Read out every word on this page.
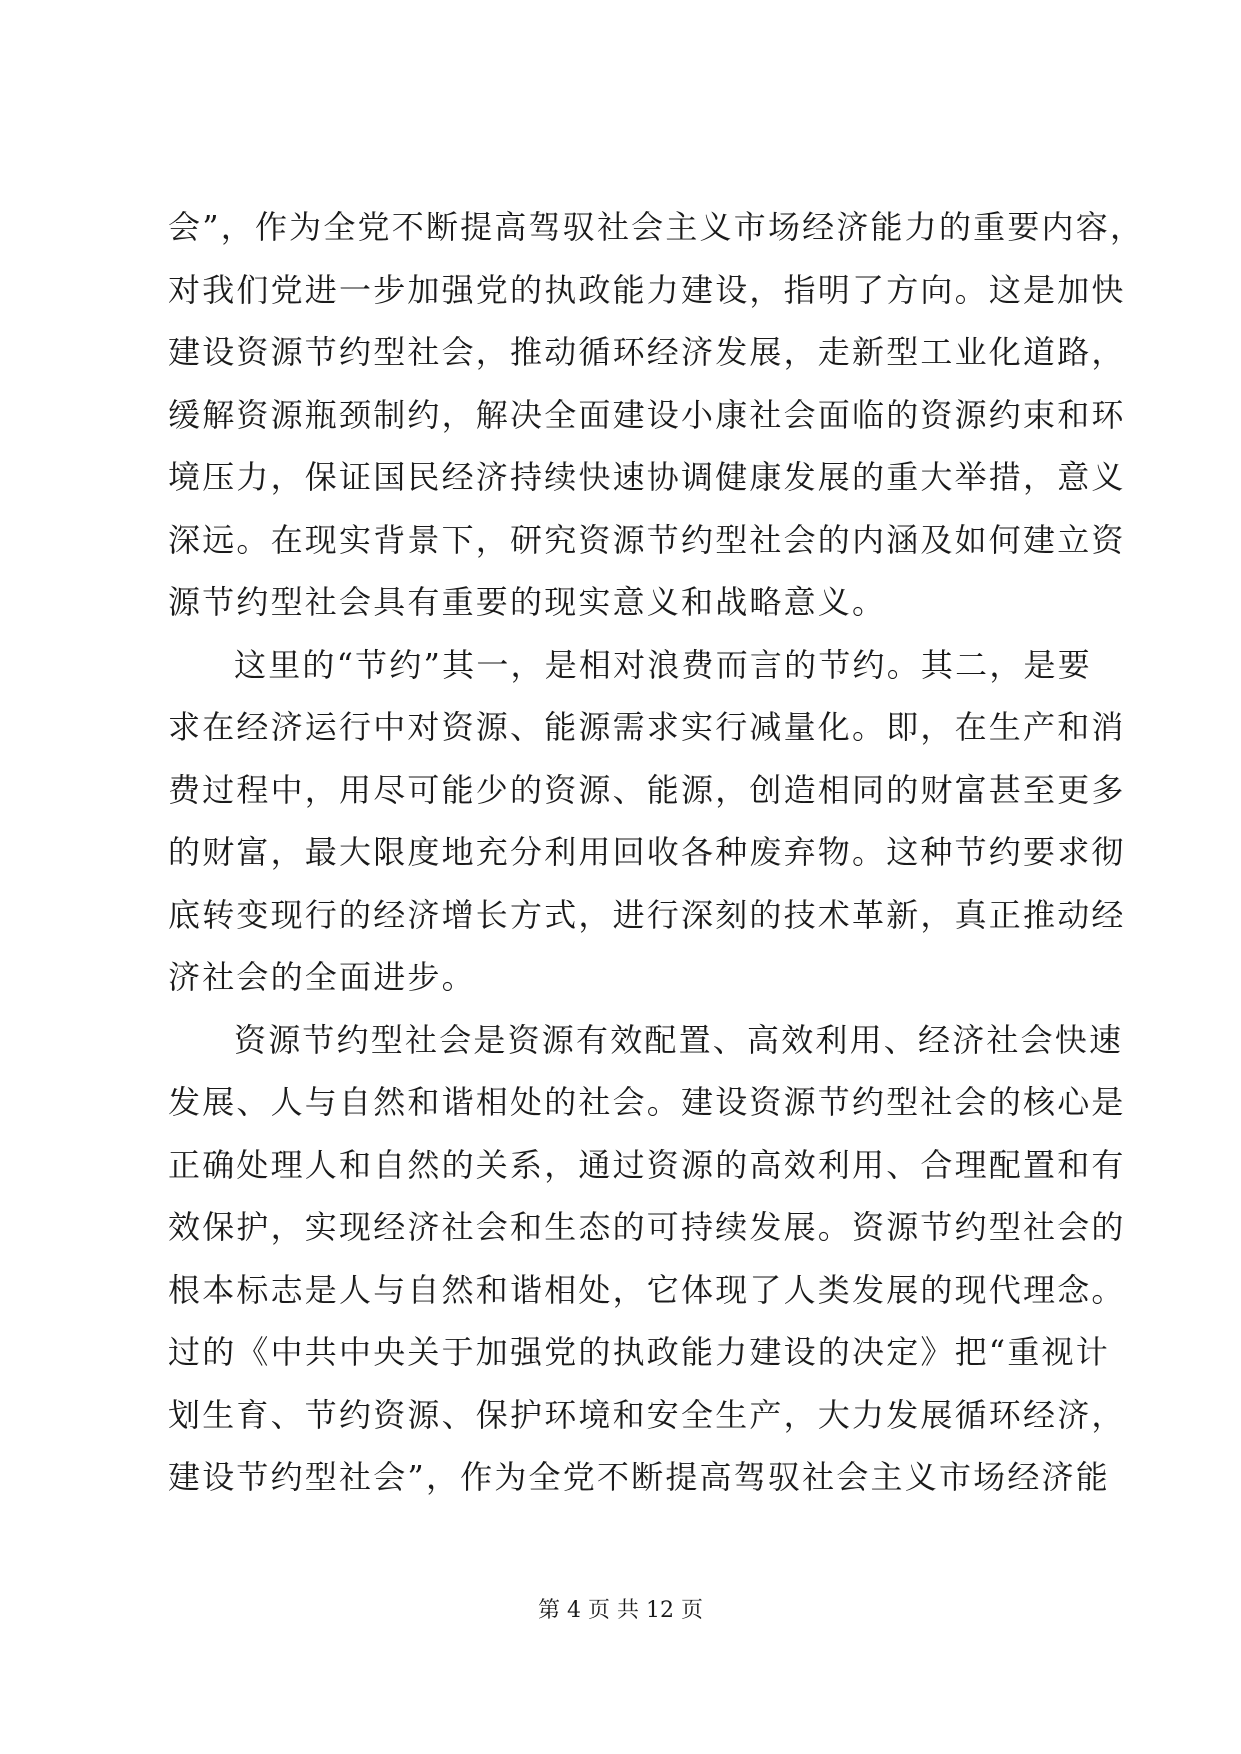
会”，作为全党不断提高驾驭社会主义市场经济能力的重要内容，
对我们党进一步加强党的执政能力建设，指明了方向。这是加快
建设资源节约型社会，推动循环经济发展，走新型工业化道路，
缓解资源瓶颈制约，解决全面建设小康社会面临的资源约束和环
境压力，保证国民经济持续快速协调健康发展的重大举措，意义
深远。在现实背景下，研究资源节约型社会的内涵及如何建立资
源节约型社会具有重要的现实意义和战略意义。
这里的“节约”其一，是相对浪费而言的节约。其二，是要
求在经济运行中对资源、能源需求实行减量化。即，在生产和消
费过程中，用尽可能少的资源、能源，创造相同的财富甚至更多
的财富，最大限度地充分利用回收各种废弃物。这种节约要求彻
底转变现行的经济增长方式，进行深刻的技术革新，真正推动经
济社会的全面进步。
资源节约型社会是资源有效配置、高效利用、经济社会快速
发展、人与自然和谐相处的社会。建设资源节约型社会的核心是
正确处理人和自然的关系，通过资源的高效利用、合理配置和有
效保护，实现经济社会和生态的可持续发展。资源节约型社会的
根本标志是人与自然和谐相处，它体现了人类发展的现代理念。
过的《中共中央关于加强党的执政能力建设的决定》把“重视计
划生育、节约资源、保护环境和安全生产，大力发展循环经济，
建设节约型社会”，作为全党不断提高驾驭社会主义市场经济能
第 4 页 共 12 页
